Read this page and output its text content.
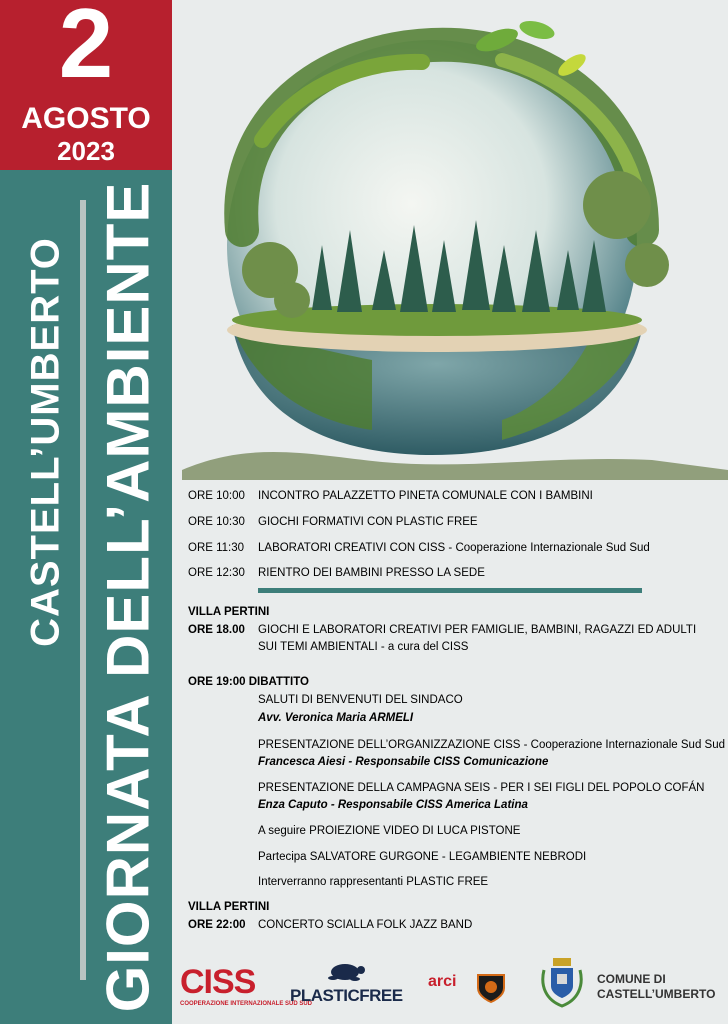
2
AGOSTO
2023
CASTELL’UMBERTO GIORNATA DELL’AMBIENTE ORE 10:00 INCONTRO PALAZZETTO PINETA COMUNALE CON I BAMBINI
ORE 10:30 GIOCHI FORMATIVI CON PLASTIC FREE
ORE 11:30 LABORATORI CREATIVI CON CISS - Cooperazione Internazionale Sud Sud
ORE 12:30 RIENTRO DEI BAMBINI PRESSO LA SEDE
VILLA PERTINI
ORE 18.00 GIOCHI E LABORATORI CREATIVI PER FAMIGLIE, BAMBINI, RAGAZZI ED ADULTI
SUI TEMI AMBIENTALI - a cura del CISS
ORE 19:00 DIBATTITO
SALUTI DI BENVENUTI DEL SINDACO
Avv. Veronica Maria ARMELI
PRESENTAZIONE DELL’ORGANIZZAZIONE CISS - Cooperazione Internazionale Sud Sud
Francesca Aiesi - Responsabile CISS Comunicazione
PRESENTAZIONE DELLA CAMPAGNA SEIS - PER I SEI FIGLI DEL POPOLO COFÁN
Enza Caputo - Responsabile CISS America Latina
A seguire PROIEZIONE VIDEO DI LUCA PISTONE
Partecipa SALVATORE GURGONE - LEGAMBIENTE NEBRODI
Interverranno rappresentanti PLASTIC FREE
VILLA PERTINI
ORE 22:00 CONCERTO SCIALLA FOLK JAZZ BAND
CISS
COOPERAZIONE INTERNAZIONALE SUD SUD
PLASTICFREE
arci	COMUNE DI
CASTELL’UMBERTO
